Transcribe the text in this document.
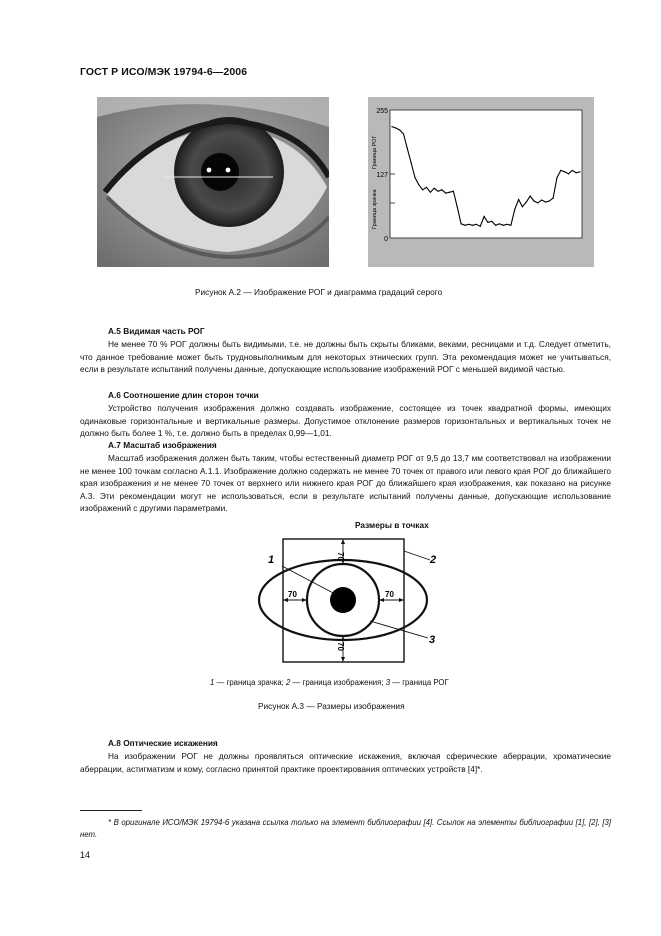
ГОСТ Р ИСО/МЭК 19794-6—2006
255
127
0
Граница РОГ
Граница зрачка
Рисунок А.2 — Изображение РОГ и диаграмма градаций серого
А.5 Видимая часть РОГ
Не менее 70 % РОГ должны быть видимыми, т.е. не должны быть скрыты бликами, веками, ресницами и т.д. Следует отметить, что данное требование может быть трудновыполнимым для некоторых этнических групп. Эта рекомендация может не учитываться, если в результате испытаний получены данные, допускающие использование изображений РОГ с меньшей видимой частью.
А.6 Соотношение длин сторон точки
Устройство получения изображения должно создавать изображение, состоящее из точек квадратной формы, имеющих одинаковые горизонтальные и вертикальные размеры. Допустимое отклонение размеров горизонтальных и вертикальных точек не должно быть более 1 %, т.е. должно быть в пределах 0,99—1,01.
А.7 Масштаб изображения
Масштаб изображения должен быть таким, чтобы естественный диаметр РОГ от 9,5 до 13,7 мм соответствовал на изображении не менее 100 точкам согласно А.1.1. Изображение должно содержать не менее 70 точек от правого или левого края РОГ до ближайшего края изображения и не менее 70 точек от верхнего или нижнего края РОГ до ближайшего края изображения, как показано на рисунке А.3. Эти рекомендации могут не использоваться, если в результате испытаний получены данные, допускающие использование изображений с другими параметрами.
Размеры в точках
70
70
70	70
1	2
3
1 — граница зрачка; 2 — граница изображения; 3 — граница РОГ
Рисунок А.3 — Размеры изображения
А.8 Оптические искажения
На изображении РОГ не должны проявляться оптические искажения, включая сферические аберрации, хроматические аберрации, астигматизм и кому, согласно принятой практике проектирования оптических устройств [4]*.
* В оригинале ИСО/МЭК 19794-6 указана ссылка только на элемент библиографии [4]. Ссылок на элементы библиографии [1], [2], [3] нет.
14
